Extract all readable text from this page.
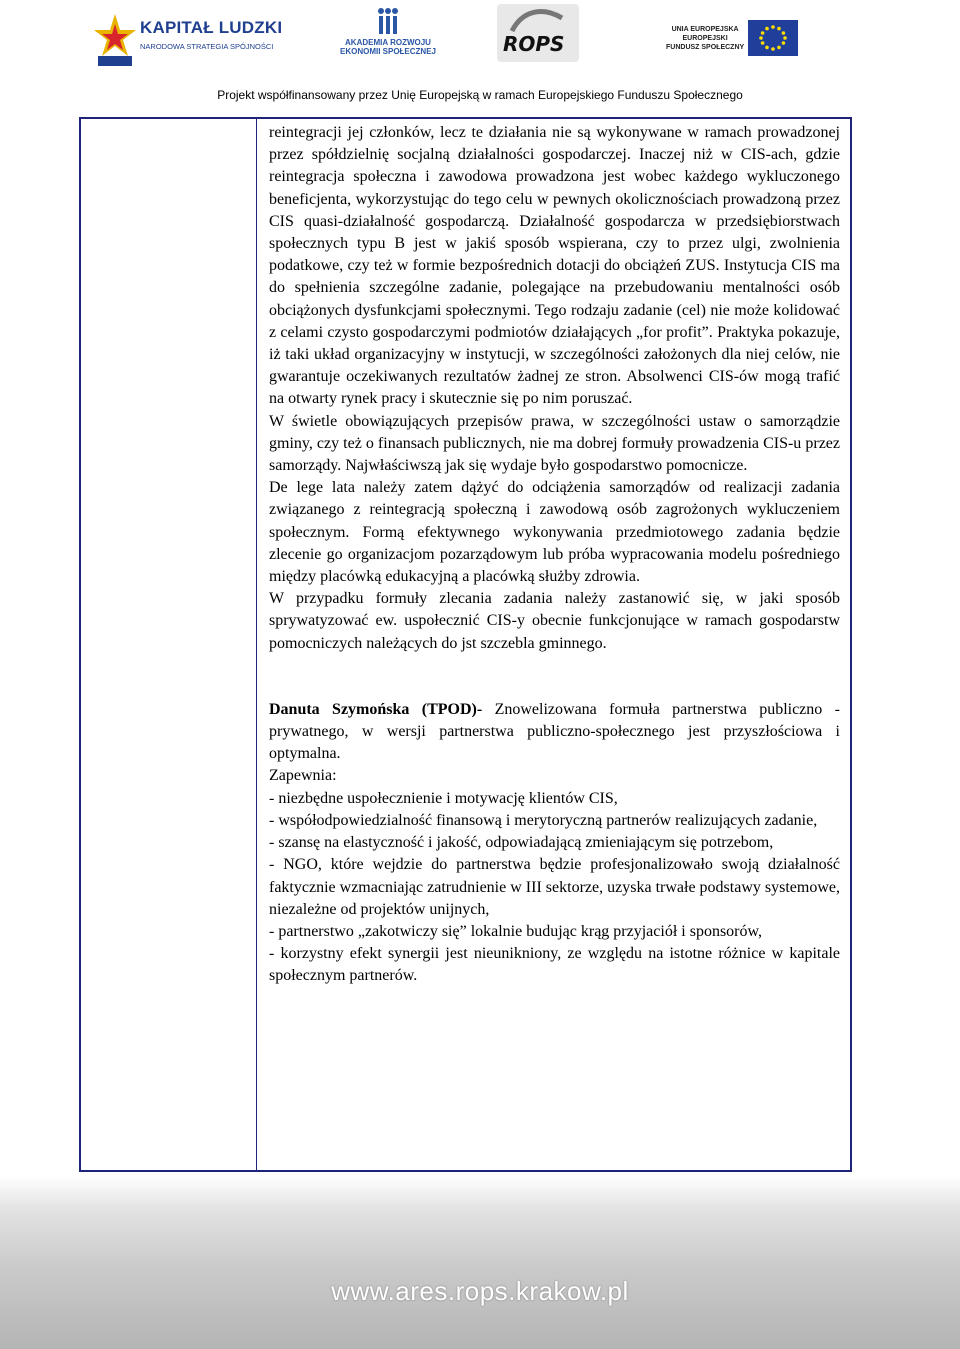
KAPITAŁ LUDZKI
NARODOWA STRATEGIA SPÓJNOŚCI	AKADEMIA ROZWOJU
EKONOMII SPOŁECZNEJ	ROPS
UNIA EUROPEJSKA
EUROPEJSKI
FUNDUSZ SPOŁECZNY
Projekt współfinansowany przez Unię Europejską w ramach Europejskiego Funduszu Społecznego

reintegracji jej członków, lecz te działania nie są wykonywane w ramach prowadzonej przez spółdzielnię socjalną działalności gospodarczej. Inaczej niż w CIS-ach, gdzie reintegracja społeczna i zawodowa prowadzona jest wobec każdego wykluczonego beneficjenta, wykorzystując do tego celu w pewnych okolicznościach prowadzoną przez CIS quasi-działalność gospodarczą. Działalność gospodarcza w przedsiębiorstwach społecznych typu B jest w jakiś sposób wspierana, czy to przez ulgi, zwolnienia podatkowe, czy też w formie bezpośrednich dotacji do obciążeń ZUS. Instytucja CIS ma do spełnienia szczególne zadanie, polegające na przebudowaniu mentalności osób obciążonych dysfunkcjami społecznymi. Tego rodzaju zadanie (cel) nie może kolidować z celami czysto gospodarczymi podmiotów działających „for profit”. Praktyka pokazuje, iż taki układ organizacyjny w instytucji, w szczególności założonych dla niej celów, nie gwarantuje oczekiwanych rezultatów żadnej ze stron. Absolwenci CIS-ów mogą trafić na otwarty rynek pracy i skutecznie się po nim poruszać.

W świetle obowiązujących przepisów prawa, w szczególności ustaw o samorządzie gminy, czy też o finansach publicznych, nie ma dobrej formuły prowadzenia CIS-u przez samorządy. Najwłaściwszą jak się wydaje było gospodarstwo pomocnicze.

De lege lata należy zatem dążyć do odciążenia samorządów od realizacji zadania związanego z reintegracją społeczną i zawodową osób zagrożonych wykluczeniem społecznym. Formą efektywnego wykonywania przedmiotowego zadania będzie zlecenie go organizacjom pozarządowym lub próba wypracowania modelu pośredniego między placówką edukacyjną a placówką służby zdrowia.

W przypadku formuły zlecania zadania należy zastanowić się, w jaki sposób sprywatyzować ew. uspołecznić CIS-y obecnie funkcjonujące w ramach gospodarstw pomocniczych należących do jst szczebla gminnego.

Danuta Szymońska (TPOD)- Znowelizowana formuła partnerstwa publiczno - prywatnego, w wersji partnerstwa publiczno-społecznego jest przyszłościowa i optymalna.

Zapewnia:

- niezbędne uspołecznienie i motywację klientów CIS,

- współodpowiedzialność finansową i merytoryczną partnerów realizujących zadanie,

- szansę na elastyczność i jakość, odpowiadającą zmieniającym się potrzebom,

- NGO, które wejdzie do partnerstwa będzie profesjonalizowało swoją działalność faktycznie wzmacniając zatrudnienie w III sektorze, uzyska trwałe podstawy systemowe, niezależne od projektów unijnych,

- partnerstwo „zakotwiczy się” lokalnie budując krąg przyjaciół i sponsorów,

- korzystny efekt synergii jest nieunikniony, ze względu na istotne różnice w kapitale społecznym partnerów.

www.ares.rops.krakow.pl
